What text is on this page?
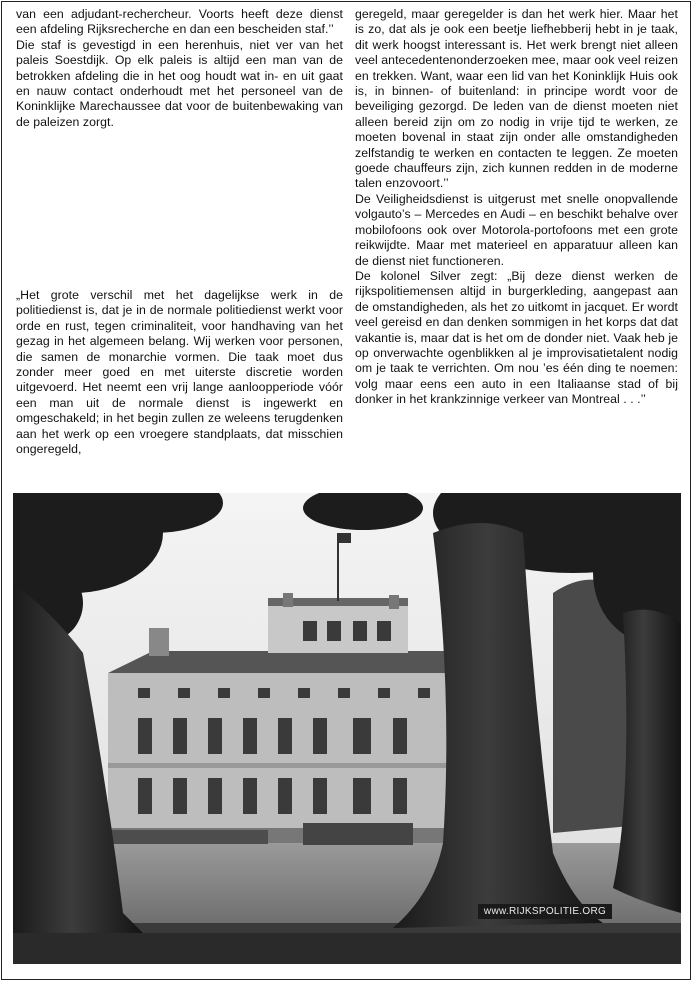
van een adjudant-rechercheur. Voorts heeft deze dienst een afdeling Rijksrecherche en dan een bescheiden staf.’’

Die staf is gevestigd in een herenhuis, niet ver van het paleis Soestdijk. Op elk paleis is altijd een man van de betrokken afdeling die in het oog houdt wat in- en uit gaat en nauw contact onderhoudt met het personeel van de Koninklijke Marechaussee dat voor de buitenbewaking van de paleizen zorgt.

„Het grote verschil met het dagelijkse werk in de politiedienst is, dat je in de normale politiedienst werkt voor orde en rust, tegen criminaliteit, voor handhaving van het gezag in het algemeen belang. Wij werken voor personen, die samen de monarchie vormen. Die taak moet dus zonder meer goed en met uiterste discretie worden uitgevoerd. Het neemt een vrij lange aanloopperiode vóór een man uit de normale dienst is ingewerkt en omgeschakeld; in het begin zullen ze weleens terugdenken aan het werk op een vroegere standplaats, dat misschien ongeregeld,

geregeld, maar geregelder is dan het werk hier. Maar het is zo, dat als je ook een beetje liefhebberij hebt in je taak, dit werk hoogst interessant is. Het werk brengt niet alleen veel antecedentenonderzoeken mee, maar ook veel reizen en trekken. Want, waar een lid van het Koninklijk Huis ook is, in binnen- of buitenland: in principe wordt voor de beveiliging gezorgd. De leden van de dienst moeten niet alleen bereid zijn om zo nodig in vrije tijd te werken, ze moeten bovenal in staat zijn onder alle omstandigheden zelfstandig te werken en contacten te leggen. Ze moeten goede chauffeurs zijn, zich kunnen redden in de moderne talen enzovoort.’’

De Veiligheidsdienst is uitgerust met snelle onopvallende volgauto’s – Mercedes en Audi – en beschikt behalve over mobilofoons ook over Motorola-portofoons met een grote reikwijdte. Maar met materieel en apparatuur alleen kan de dienst niet functioneren.

De kolonel Silver zegt: „Bij deze dienst werken de rijkspolitiemensen altijd in burgerkleding, aangepast aan de omstandigheden, als het zo uitkomt in jacquet. Er wordt veel gereisd en dan denken sommigen in het korps dat dat vakantie is, maar dat is het om de donder niet. Vaak heb je op onverwachte ogenblikken al je improvisatietalent nodig om je taak te verrichten. Om nou ’es één ding te noemen: volg maar eens een auto in een Italiaanse stad of bij donker in het krankzinnige verkeer van Montreal . . .’’

www.RIJKSPOLITIE.ORG
